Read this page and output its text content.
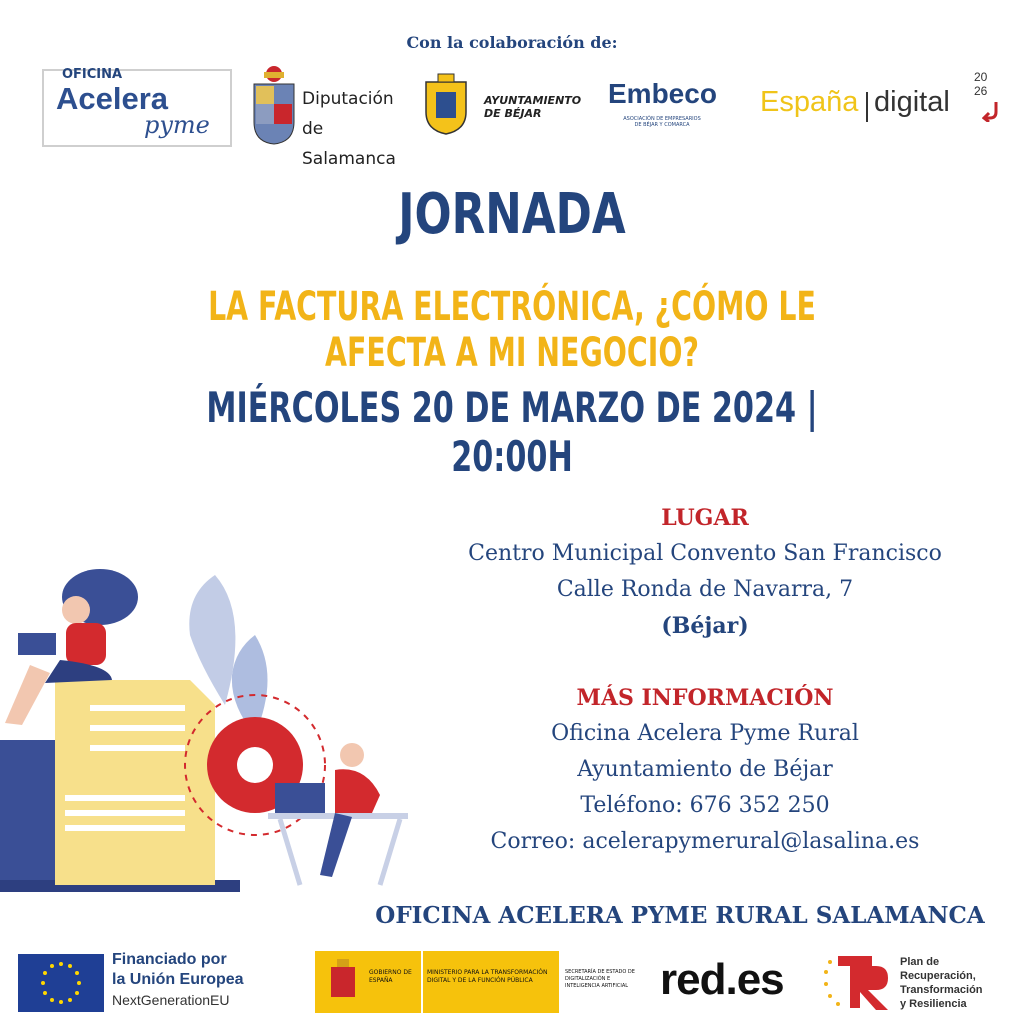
Con la colaboración de:
OFICINA
Acelera
pyme
Diputación
de Salamanca
AYUNTAMIENTO
DE BÉJAR
Embeco
ASOCIACIÓN DE EMPRESARIOS
DE BÉJAR Y COMARCA
España digital
20
26
JORNADA
LA FACTURA ELECTRÓNICA, ¿CÓMO LE AFECTA A MI NEGOCIO?
MIÉRCOLES 20 DE MARZO DE 2024 | 20:00H
LUGAR
Centro Municipal Convento San Francisco
Calle Ronda de Navarra, 7
(Béjar)
MÁS INFORMACIÓN
Oficina Acelera Pyme Rural
Ayuntamiento de Béjar
Teléfono: 676 352 250
Correo: acelerapymerural@lasalina.es
OFICINA ACELERA PYME RURAL SALAMANCA
Financiado por
la Unión Europea
NextGenerationEU
GOBIERNO DE ESPAÑA
MINISTERIO PARA LA TRANSFORMACIÓN DIGITAL Y DE LA FUNCIÓN PÚBLICA
SECRETARÍA DE ESTADO DE DIGITALIZACIÓN E INTELIGENCIA ARTIFICIAL red.es	Plan de
Recuperación,
Transformación
y Resiliencia
